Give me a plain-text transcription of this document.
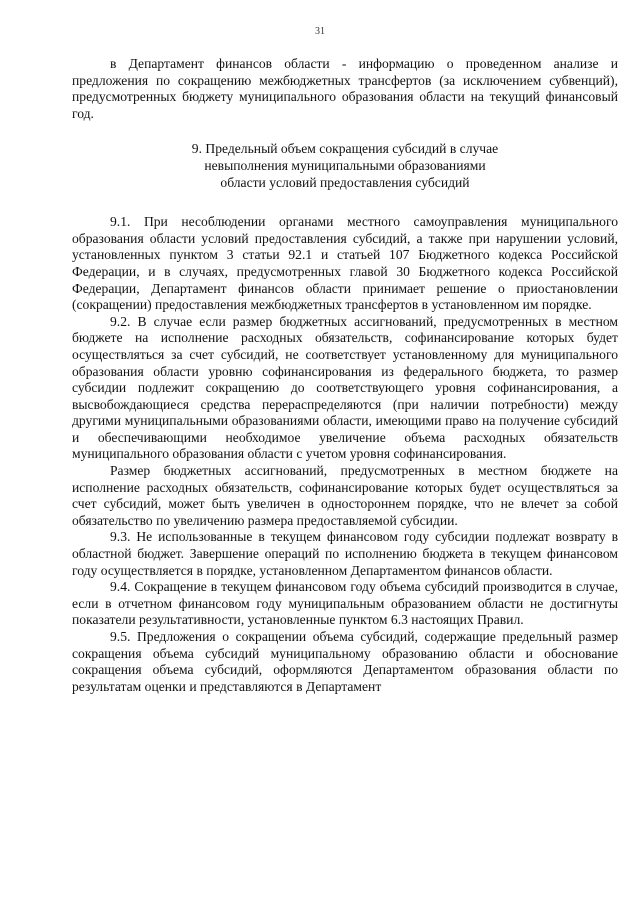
31

в Департамент финансов области - информацию о проведенном анализе и предложения по сокращению межбюджетных трансфертов (за исключением субвенций), предусмотренных бюджету муниципального образования области на текущий финансовый год.

9. Предельный объем сокращения субсидий в случае
невыполнения муниципальными образованиями
области условий предоставления субсидий

9.1. При несоблюдении органами местного самоуправления муниципального образования области условий предоставления субсидий, а также при нарушении условий, установленных пунктом 3 статьи 92.1 и статьей 107 Бюджетного кодекса Российской Федерации, и в случаях, предусмотренных главой 30 Бюджетного кодекса Российской Федерации, Департамент финансов области принимает решение о приостановлении (сокращении) предоставления межбюджетных трансфертов в установленном им порядке.

9.2. В случае если размер бюджетных ассигнований, предусмотренных в местном бюджете на исполнение расходных обязательств, софинансирование которых будет осуществляться за счет субсидий, не соответствует установленному для муниципального образования области уровню софинансирования из федерального бюджета, то размер субсидии подлежит сокращению до соответствующего уровня софинансирования, а высвобождающиеся средства перераспределяются (при наличии потребности) между другими муниципальными образованиями области, имеющими право на получение субсидий и обеспечивающими необходимое увеличение объема расходных обязательств муниципального образования области с учетом уровня софинансирования.

Размер бюджетных ассигнований, предусмотренных в местном бюджете на исполнение расходных обязательств, софинансирование которых будет осуществляться за счет субсидий, может быть увеличен в одностороннем порядке, что не влечет за собой обязательство по увеличению размера предоставляемой субсидии.

9.3. Не использованные в текущем финансовом году субсидии подлежат возврату в областной бюджет. Завершение операций по исполнению бюджета в текущем финансовом году осуществляется в порядке, установленном Департаментом финансов области.

9.4. Сокращение в текущем финансовом году объема субсидий производится в случае, если в отчетном финансовом году муниципальным образованием области не достигнуты показатели результативности, установленные пунктом 6.3 настоящих Правил.

9.5. Предложения о сокращении объема субсидий, содержащие предельный размер сокращения объема субсидий муниципальному образованию области и обоснование сокращения объема субсидий, оформляются Департаментом образования области по результатам оценки и представляются в Департамент
